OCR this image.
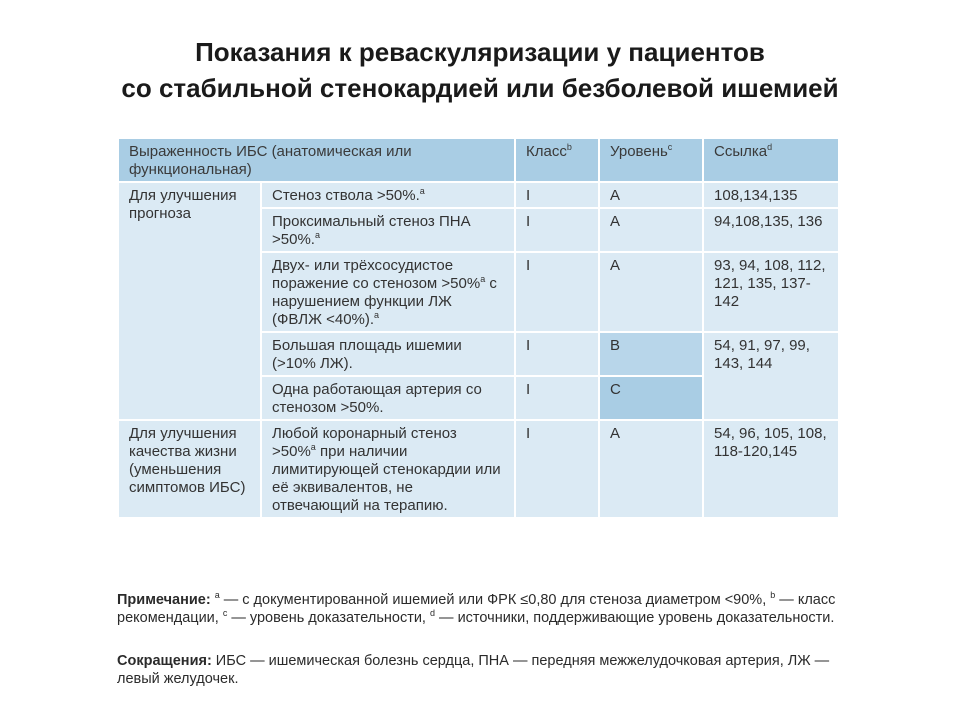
Показания к реваскуляризации у пациентов
со стабильной стенокардией или безболевой ишемией
Выраженность ИБС (анатомическая или функциональная)		Класс$^b$	Уровень$^c$	Ссылка$^d$
Для улучшения прогноза	Стеноз ствола >50%.$^a$	I	A	108,134,135
	Проксимальный стеноз ПНА >50%.$^a$	I	A	94,108,135, 136
	Двух- или трёхсосудистое поражение со стенозом >50%$^a$ с нарушением функции ЛЖ (ФВЛЖ <40%).$^a$	I	A	93, 94, 108, 112, 121, 135, 137-142
	Большая площадь ишемии (>10% ЛЖ).	I	B	54, 91, 97, 99, 143, 144
	Одна работающая артерия со стенозом >50%.	I	C	
Для улучшения качества жизни (уменьшения симптомов ИБС)	Любой коронарный стеноз >50%$^a$ при наличии лимитирующей стенокардии или её эквивалентов, не отвечающий на терапию.	I	A	54, 96, 105, 108, 118-120,145
Примечание: $^a$ — с документированной ишемией или ФРК ≤0,80 для стеноза диаметром <90%, $^b$ — класс рекомендации, $^c$ — уровень доказательности, $^d$ — источники, поддерживающие уровень доказательности.
Сокращения: ИБС — ишемическая болезнь сердца, ПНА — передняя межжелудочковая артерия, ЛЖ — левый желудочек.
